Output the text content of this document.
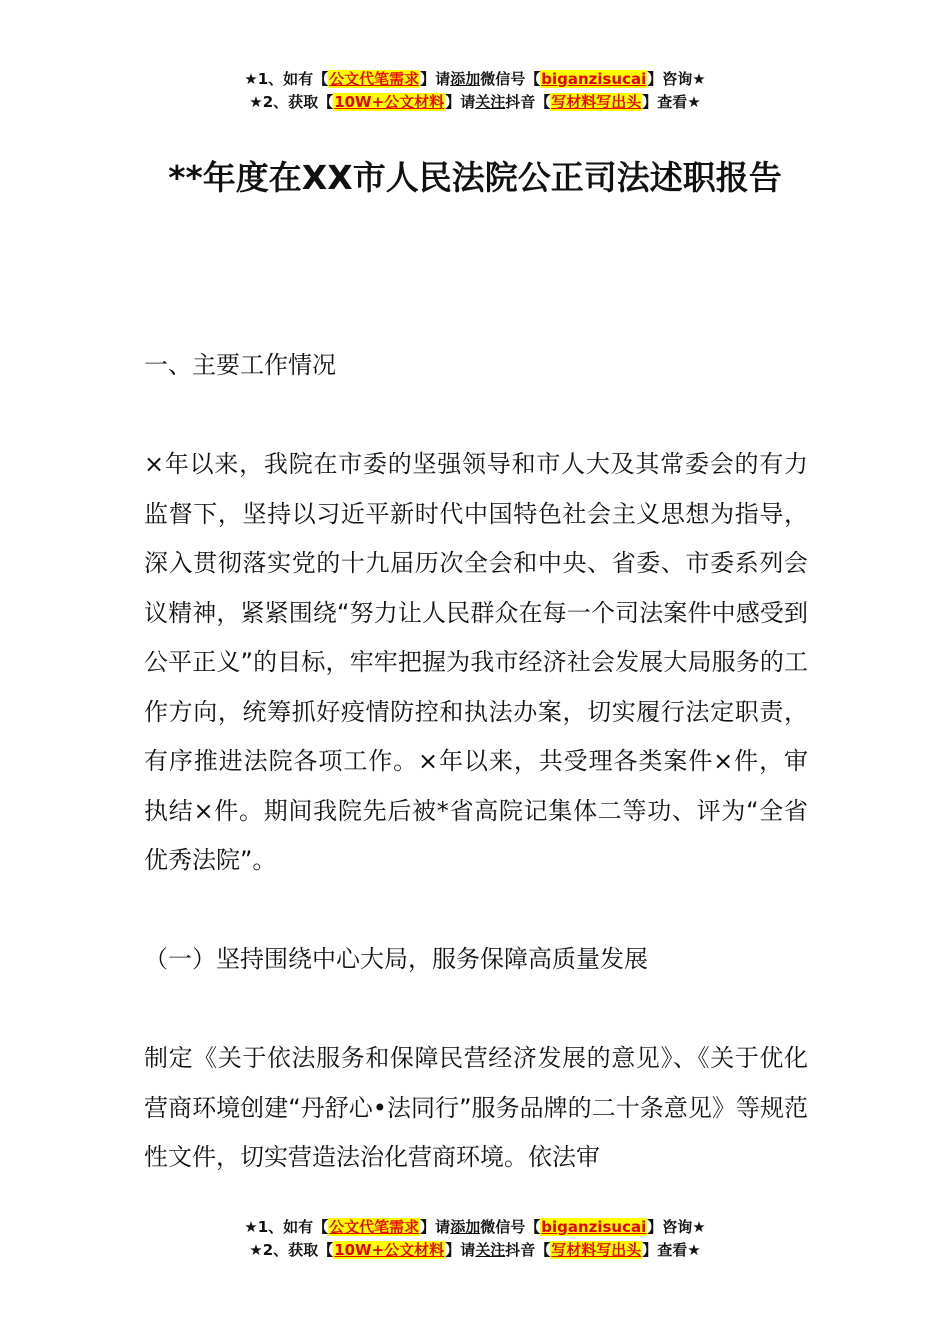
★1、如有【公文代笔需求】请添加微信号【biganzisucai】咨询★
★2、获取【10W+公文材料】请关注抖音【写材料写出头】查看★
**年度在XX市人民法院公正司法述职报告

一、主要工作情况

×年以来，我院在市委的坚强领导和市人大及其常委会的有力监督下，坚持以习近平新时代中国特色社会主义思想为指导，深入贯彻落实党的十九届历次全会和中央、省委、市委系列会议精神，紧紧围绕“努力让人民群众在每一个司法案件中感受到公平正义”的目标，牢牢把握为我市经济社会发展大局服务的工作方向，统筹抓好疫情防控和执法办案，切实履行法定职责，有序推进法院各项工作。×年以来，共受理各类案件×件，审执结×件。期间我院先后被*省高院记集体二等功、评为“全省优秀法院”。

（一）坚持围绕中心大局，服务保障高质量发展

制定《关于依法服务和保障民营经济发展的意见》、《关于优化营商环境创建“丹舒心•法同行”服务品牌的二十条意见》等规范性文件，切实营造法治化营商环境。依法审

★1、如有【公文代笔需求】请添加微信号【biganzisucai】咨询★
★2、获取【10W+公文材料】请关注抖音【写材料写出头】查看★
